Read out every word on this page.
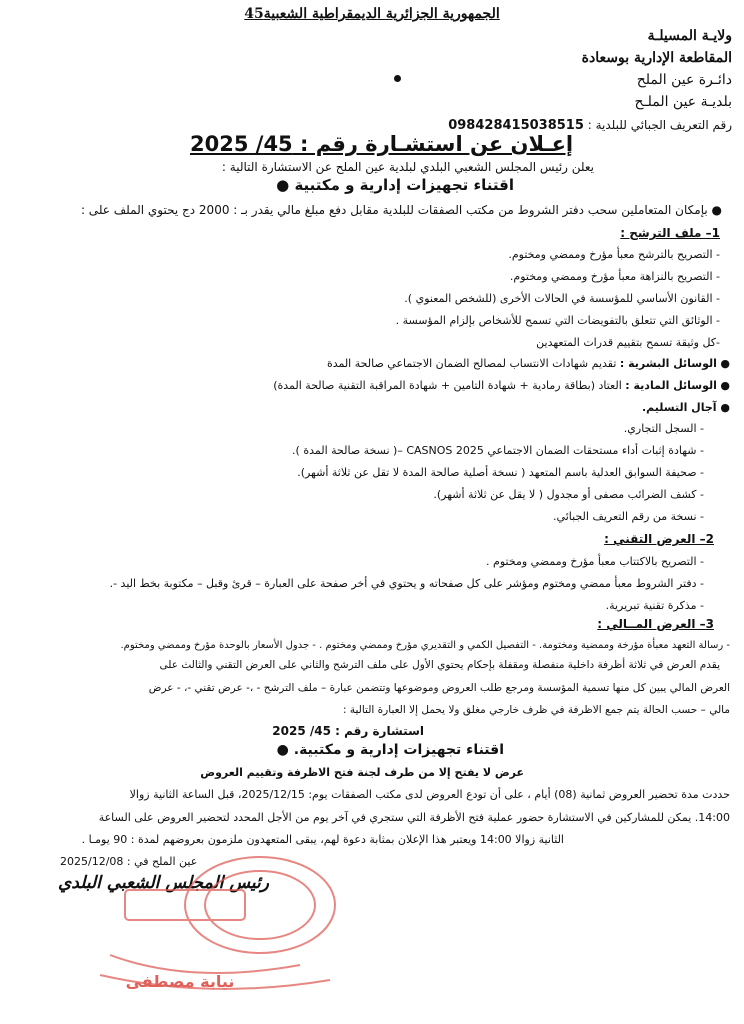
الجمهورية الجزائرية الديمقراطية الشعبية45
ولايـة المسيلـة
المقاطعة الإدارية بوسعادة
دائـرة عين الملح
بلديـة عين الملـح
رقم التعريف الجبائي للبلدية : 098428415038515
إعـلان عن استشـارة رقم : 45/ 2025
يعلن رئيس المجلس الشعبي البلدي لبلدية عين الملح عن الاستشارة التالية :
اقتناء تجهيزات إدارية و مكتبية ●
● بإمكان المتعاملين سحب دفتر الشروط من مكتب الصفقات للبلدية مقابل دفع مبلغ مالي يقدر بـ : 2000 دج يحتوي الملف على :
1– ملف الترشح :
- التصريح بالترشح معبأ مؤرخ وممضي ومختوم.
- التصريح بالنزاهة معبأ مؤرخ وممضي ومختوم.
- القانون الأساسي للمؤسسة في الحالات الأخرى (للشخص المعنوي ).
- الوثائق التي تتعلق بالتفويضات التي تسمح للأشخاص بإلزام المؤسسة .
-كل وثيقة تسمح بتقييم قدرات المتعهدين
● الوسائل البشرية : تقديم شهادات الانتساب لمصالح الضمان الاجتماعي صالحة المدة
● الوسائل المادية : العتاد (بطاقة رمادية + شهادة التامين + شهادة المراقبة التقنية صالحة المدة)
● آجال التسليم.
- السجل التجاري.
- شهادة إثبات أداء مستحقات الضمان الاجتماعي CASNOS 2025 –( نسخة صالحة المدة ).
- صحيفة السوابق العدلية باسم المتعهد ( نسخة أصلية صالحة المدة لا تقل عن ثلاثة أشهر).
- كشف الضرائب مصفى أو مجدول ( لا يقل عن ثلاثة أشهر).
- نسخة من رقم التعريف الجبائي.
2– العرض التقني :
- التصريح بالاكتتاب معبأ مؤرخ وممضي ومختوم .
- دفتر الشروط معبأ ممضي ومختوم ومؤشر على كل صفحاته و يحتوي في أخر صفحة على العبارة – قرئ وقبل – مكتوبة بخط اليد -.
- مذكرة تقنية تبريرية.
3– العرض المــالي :
- رسالة التعهد معبأة مؤرخة وممضية ومختومة. - التفصيل الكمي و التقديري مؤرخ وممضي ومختوم . - جدول الأسعار بالوحدة مؤرخ وممضي ومختوم.
يقدم العرض في ثلاثة أظرفة داخلية منفصلة ومقفلة بإحكام يحتوي الأول على ملف الترشح والثاني على العرض التقني والثالث على
العرض المالي يبين كل منها تسمية المؤسسة ومرجع طلب العروض وموضوعها وتتضمن عبارة – ملف الترشح - ،- عرض تقني -، - عرض
مالي – حسب الحالة يتم جمع الاظرفة في ظرف خارجي مغلق ولا يحمل إلا العبارة التالية :
استشارة رقم : 45/ 2025
اقتناء تجهيزات إدارية و مكتبية. ●
عرض لا يفتح إلا من طرف لجنة فتح الاظرفة وتقييم العروض
حددت مدة تحضير العروض ثمانية (08) أيام ، على أن تودع العروض لدى مكتب الصفقات يوم: 2025/12/15، قبل الساعة الثانية زوالا
14:00. يمكن للمشاركين في الاستشارة حضور عملية فتح الأظرفة التي ستجري في آخر يوم من الأجل المحدد لتحضير العروض على الساعة
الثانية زوالا 14:00 ويعتبر هذا الإعلان بمثابة دعوة لهم، يبقى المتعهدون ملزمون بعروضهم لمدة : 90 يومـا .
عين الملح في : 2025/12/08
رئيس المجلس الشعبي البلدي
نيابة مصطفى
